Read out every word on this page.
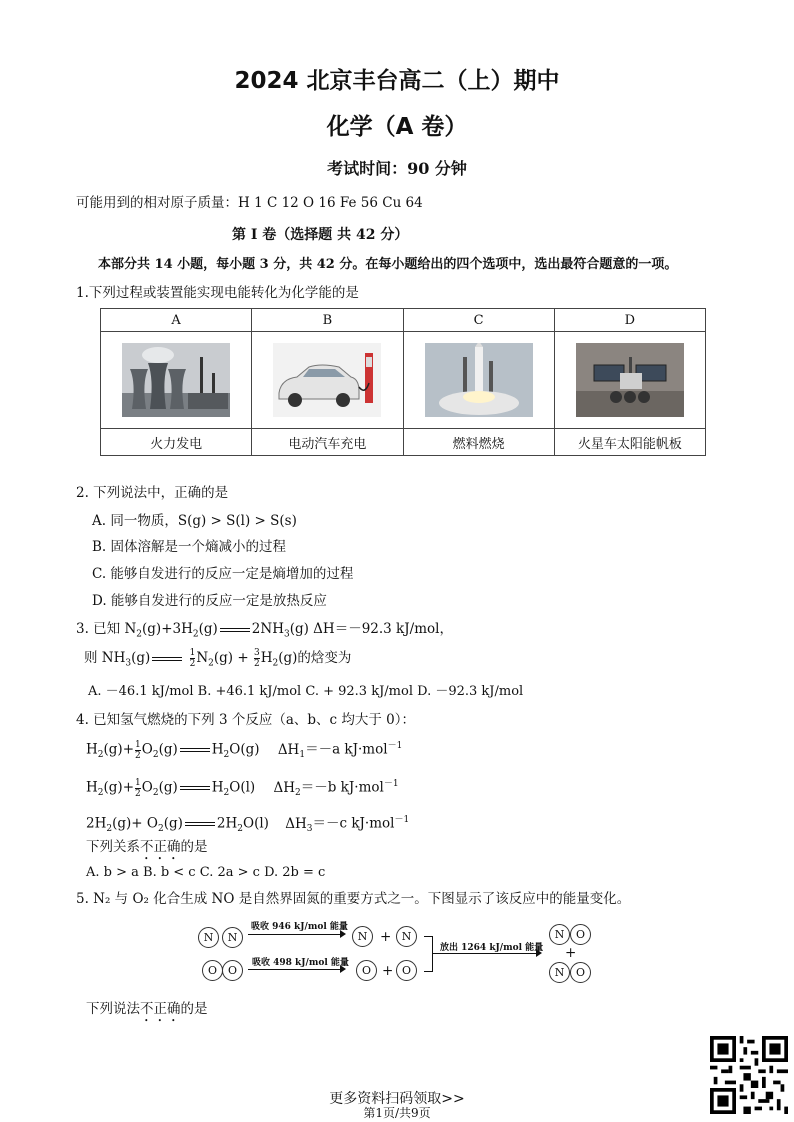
2024 北京丰台高二（上）期中
化学（A 卷）
考试时间：90 分钟
可能用到的相对原子质量：H 1 C 12 O 16 Fe 56 Cu 64
第 I 卷（选择题 共 42 分）
本部分共 14 小题，每小题 3 分，共 42 分。在每小题给出的四个选项中，选出最符合题意的一项。
1.下列过程或装置能实现电能转化为化学能的是
A	B	C	D

火力发电	电动汽车充电	燃料燃烧	火星车太阳能帆板
2. 下列说法中，正确的是
A. 同一物质，S(g) > S(l) > S(s)
B. 固体溶解是一个熵减小的过程
C. 能够自发进行的反应一定是熵增加的过程
D. 能够自发进行的反应一定是放热反应
3. 已知 $N_2(g)+3H_2(g)$	$2NH_3(g)$ ΔH＝－92.3 kJ/mol，
则 $NH_3(g)$	$\frac{1}{2} N_2(g) + \frac{3}{2} H_2(g)$的焓变为
A. －46.1 kJ/mol B. +46.1 kJ/mol C. + 92.3 kJ/mol D. －92.3 kJ/mol
4. 已知氢气燃烧的下列 3 个反应（a、b、c 均大于 0）：
$H_2(g)+ \frac{1}{2} O_2(g)$	$H_2O(g)$ $\Delta H_1=-a$ kJ·mol$^{-1}$
$H_2(g)+ \frac{1}{2} O_2(g)$	$H_2O(l)$ $\Delta H_2=-b$ kJ·mol$^{-1}$
$2H_2(g)+ O_2(g)$	$2H_2O(l)$ $\Delta H_3=-c$ kJ·mol$^{-1}$
下列关系不正确的是
A. b > a B. b < c C. 2a > c D. 2b = c
5. N₂ 与 O₂ 化合生成 NO 是自然界固氮的重要方式之一。下图显示了该反应中的能量变化。
N	N
吸收 946 kJ/mol 能量
N + N
O O
吸收 498 kJ/mol 能量
O + O
放出 1264 kJ/mol 能量
N	O
+
N	O
下列说法不正确的是
更多资料扫码领取>>
第1页/共9页
